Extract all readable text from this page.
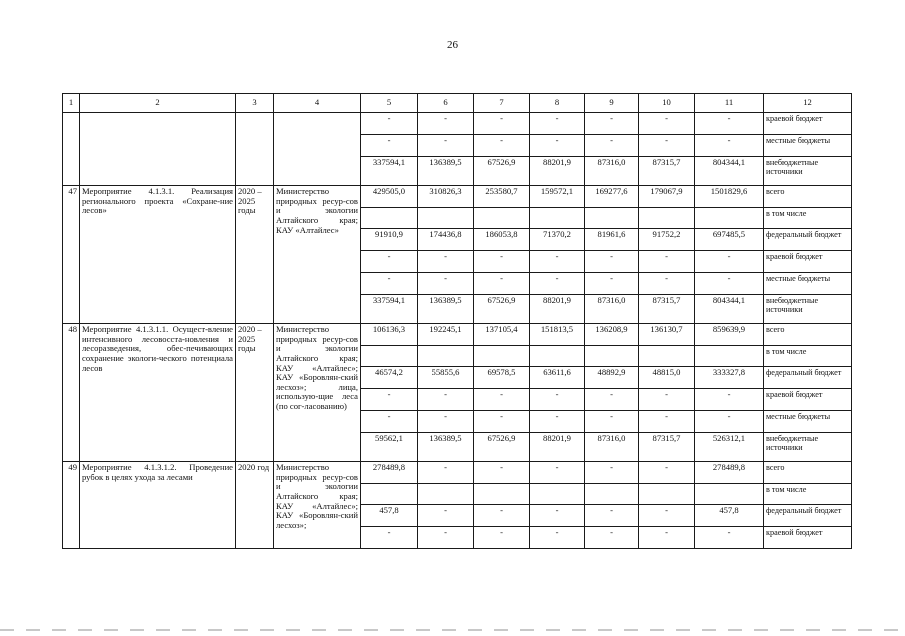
26
1	2	3	4	5	6	7	8	9	10	11	12
				-	-	-	-	-	-	-	краевой бюджет
				-	-	-	-	-	-	-	местные бюджеты
				337594,1	136389,5	67526,9	88201,9	87316,0	87315,7	804344,1	внебюджетные источники
47	Мероприятие 4.1.3.1. Реализация регионального проекта «Сохране-ние лесов»	2020 – 2025 годы	Министерство природных ресур-сов и экологии Алтайского края; КАУ «Алтайлес»	429505,0	310826,3	253580,7	159572,1	169277,6	179067,9	1501829,6	всего
											в том числе
				91910,9	174436,8	186053,8	71370,2	81961,6	91752,2	697485,5	федеральный бюджет
				-	-	-	-	-	-	-	краевой бюджет
				-	-	-	-	-	-	-	местные бюджеты
				337594,1	136389,5	67526,9	88201,9	87316,0	87315,7	804344,1	внебюджетные источники
48	Мероприятие 4.1.3.1.1. Осущест-вление интенсивного лесовосста-новления и лесоразведения, обес-печивающих сохранение экологи-ческого потенциала лесов	2020 – 2025 годы	Министерство природных ресур-сов и экологии Алтайского края; КАУ «Алтайлес»; КАУ «Боровлян-ский лесхоз»; лица, использую-щие леса (по сог-ласованию)	106136,3	192245,1	137105,4	151813,5	136208,9	136130,7	859639,9	всего
											в том числе
				46574,2	55855,6	69578,5	63611,6	48892,9	48815,0	333327,8	федеральный бюджет
				-	-	-	-	-	-	-	краевой бюджет
				-	-	-	-	-	-	-	местные бюджеты
				59562,1	136389,5	67526,9	88201,9	87316,0	87315,7	526312,1	внебюджетные источники
49	Мероприятие 4.1.3.1.2. Проведение рубок в целях ухода за лесами	2020 год	Министерство природных ресур-сов и экологии Алтайского края; КАУ «Алтайлес»; КАУ «Боровлян-ский лесхоз»;	278489,8	-	-	-	-	-	278489,8	всего
											в том числе
				457,8	-	-	-	-	-	457,8	федеральный бюджет
				-	-	-	-	-	-	-	краевой бюджет
